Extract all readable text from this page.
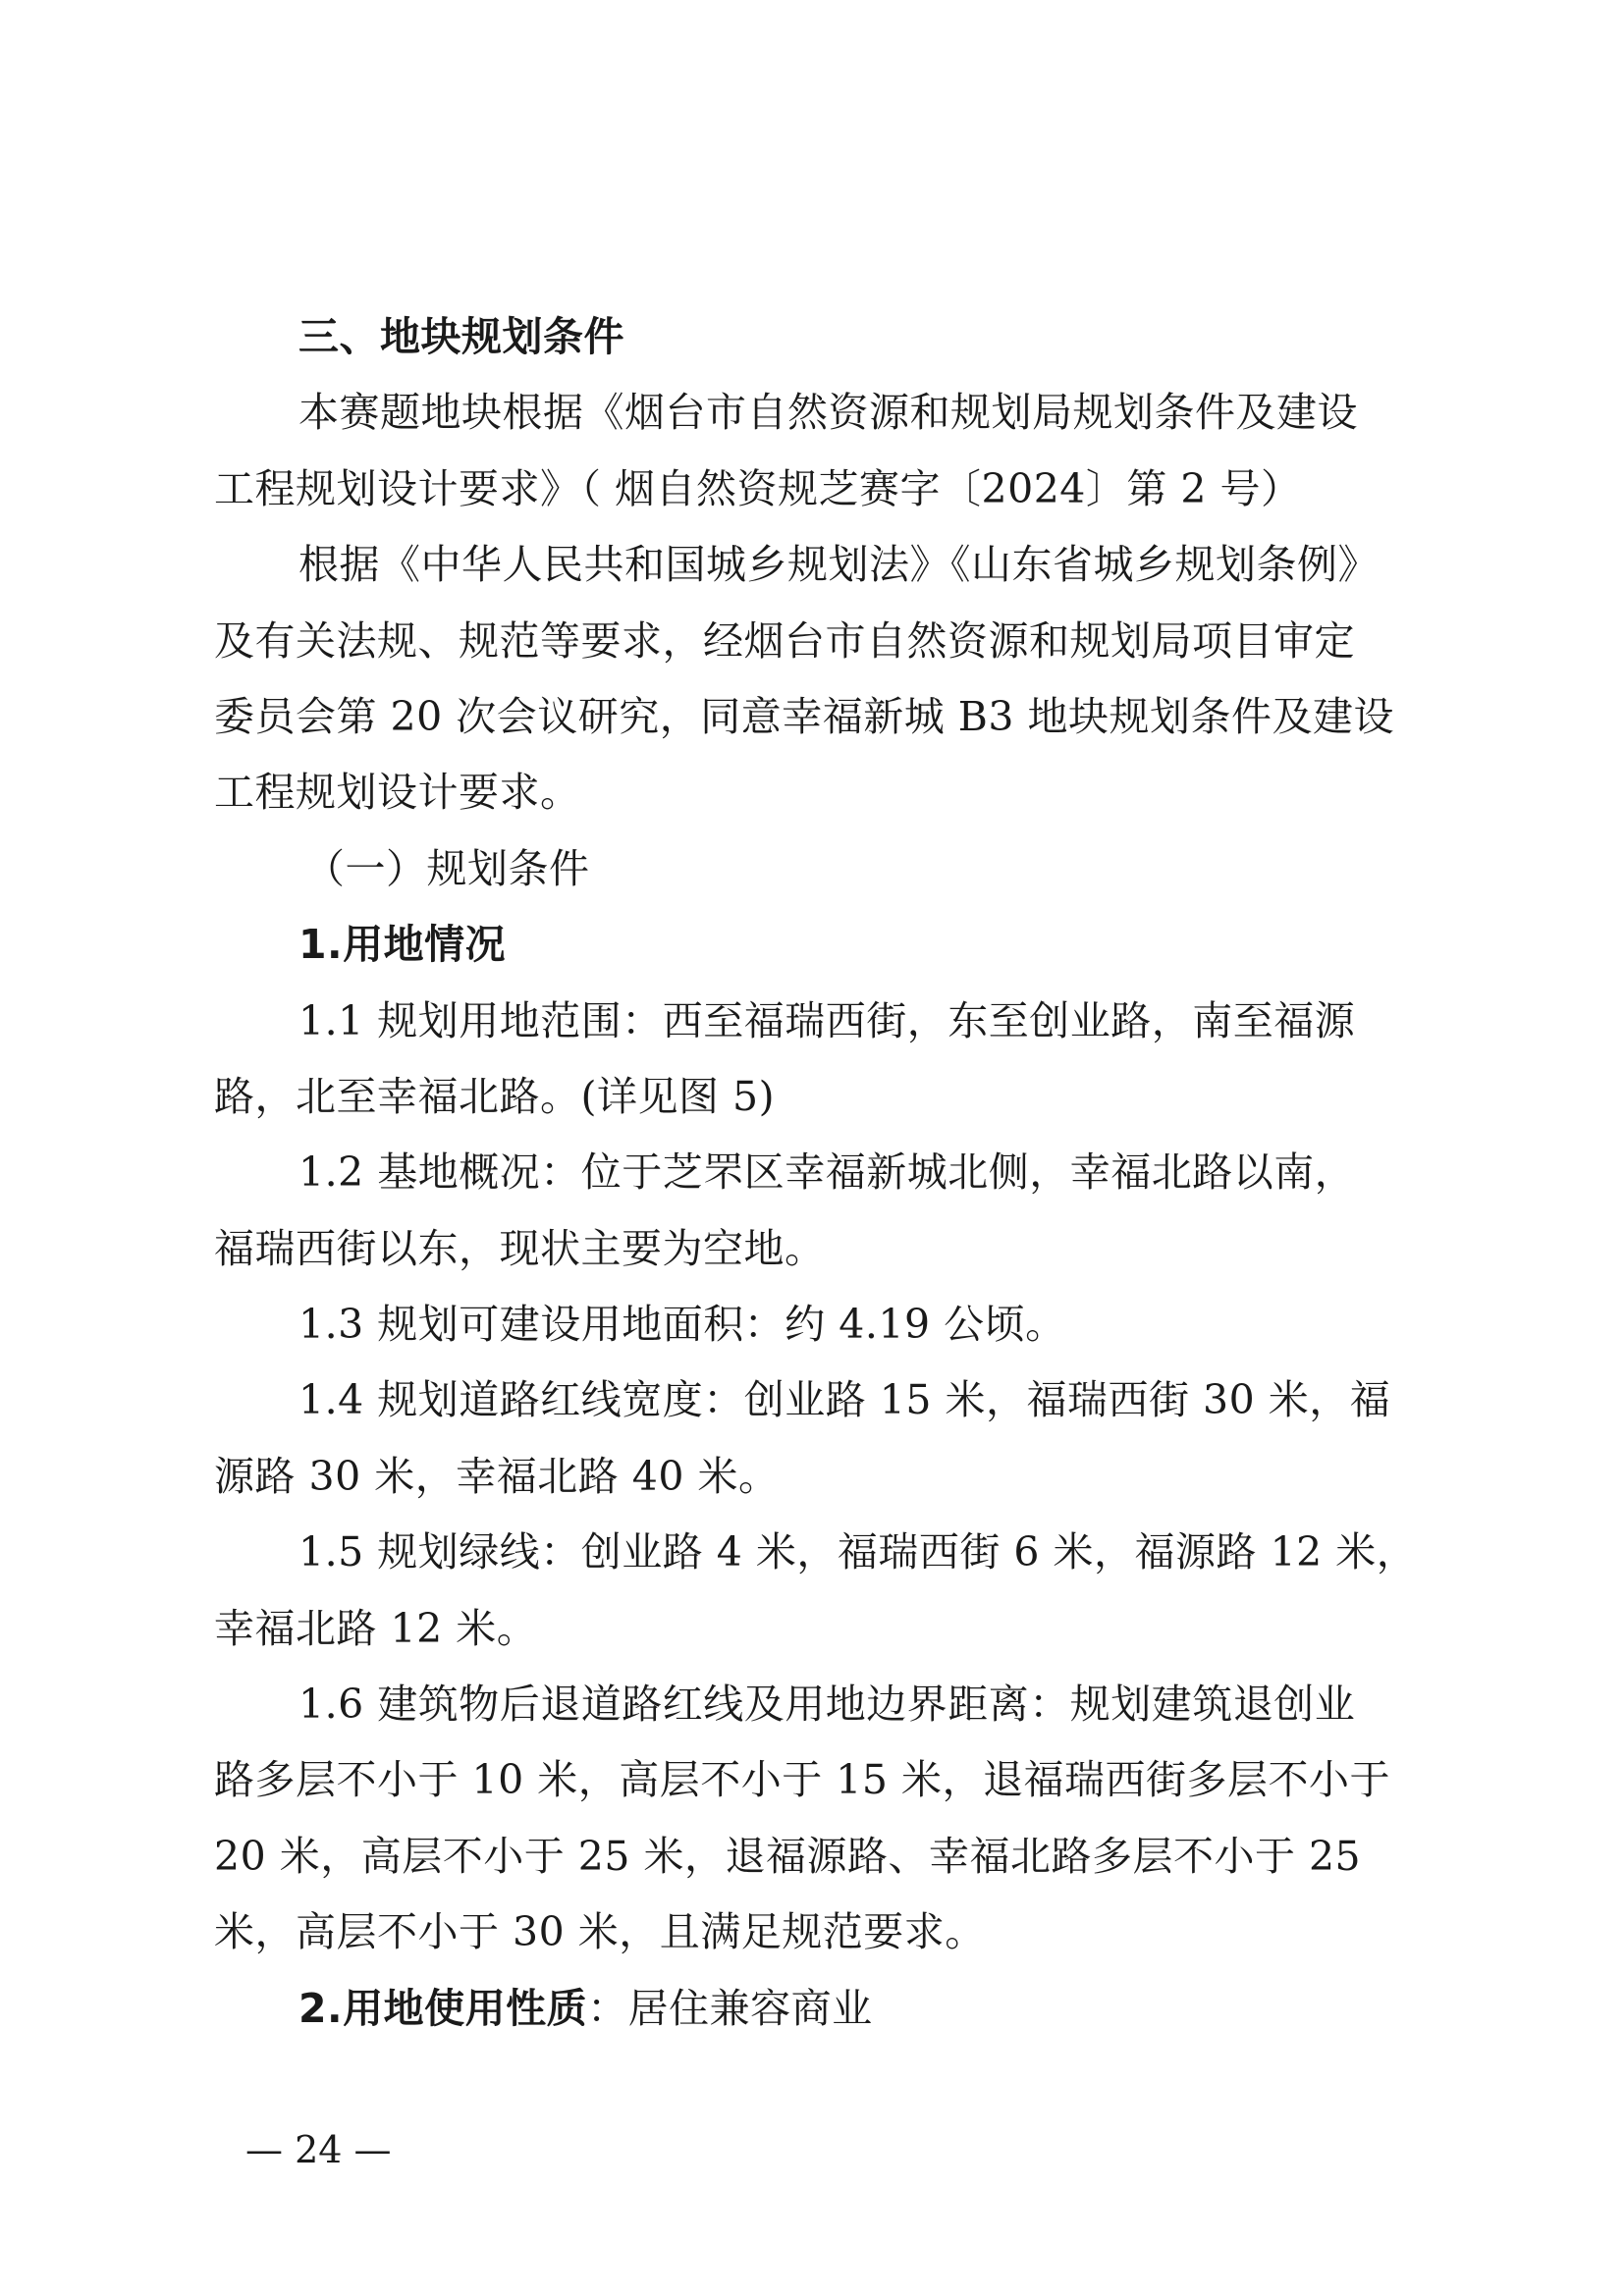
三、地块规划条件
本赛题地块根据《烟台市自然资源和规划局规划条件及建设
工程规划设计要求》（ 烟自然资规芝赛字〔2024〕第 2 号）
根据《中华人民共和国城乡规划法》《山东省城乡规划条例》
及有关法规、规范等要求，经烟台市自然资源和规划局项目审定
委员会第 20 次会议研究，同意幸福新城 B3 地块规划条件及建设
工程规划设计要求。
（一）规划条件
1.用地情况
1.1 规划用地范围：西至福瑞西街，东至创业路，南至福源
路，北至幸福北路。(详见图 5)
1.2 基地概况：位于芝罘区幸福新城北侧，幸福北路以南，
福瑞西街以东，现状主要为空地。
1.3 规划可建设用地面积：约 4.19 公顷。
1.4 规划道路红线宽度：创业路 15 米，福瑞西街 30 米，福
源路 30 米，幸福北路 40 米。
1.5 规划绿线：创业路 4 米，福瑞西街 6 米，福源路 12 米，
幸福北路 12 米。
1.6 建筑物后退道路红线及用地边界距离：规划建筑退创业
路多层不小于 10 米，高层不小于 15 米，退福瑞西街多层不小于
20 米，高层不小于 25 米，退福源路、幸福北路多层不小于 25
米，高层不小于 30 米，且满足规范要求。
2.用地使用性质：居住兼容商业
— 24 —
